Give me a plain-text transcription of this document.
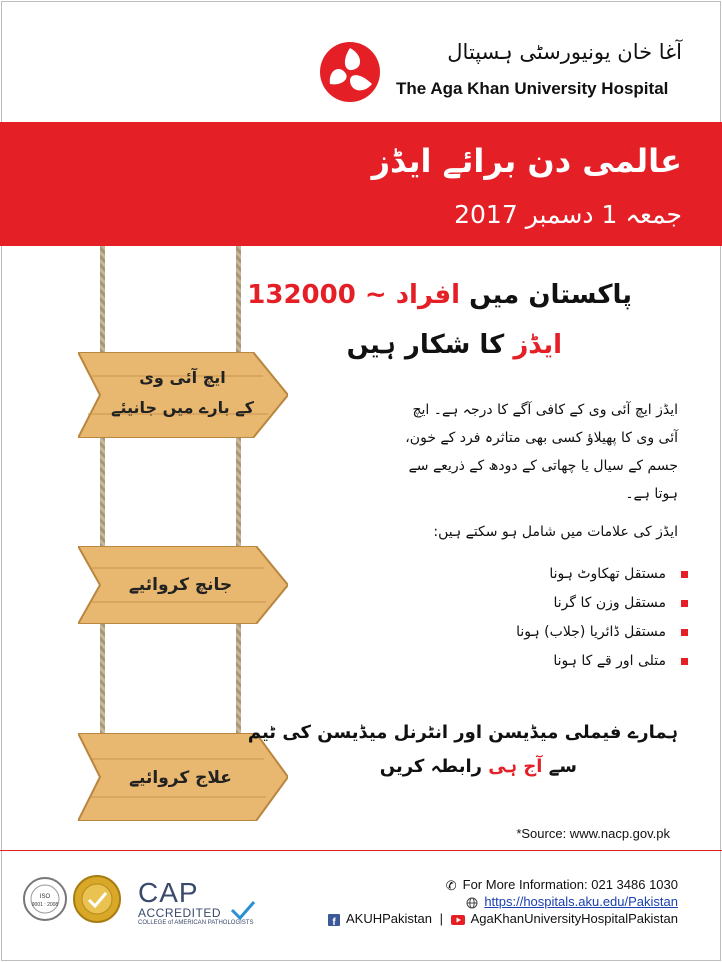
آغا خان یونیورسٹی ہسپتال
The Aga Khan University Hospital
عالمی دن برائے ایڈز
جمعہ 1 دسمبر 2017
ایچ آئی وی
کے بارے میں جانیئے
جانچ کروائیے
علاج کروائیے
پاکستان میں افراد ~ 132000
ایڈز کا شکار ہیں
ایڈز ایچ آئی وی کے کافی آگے کا درجہ ہے۔ ایچ آئی وی کا پھیلاؤ کسی بھی متاثرہ فرد کے خون، جسم کے سیال یا چھاتی کے دودھ کے ذریعے سے ہوتا ہے۔
ایڈز کی علامات میں شامل ہو سکتے ہیں:
مستقل تھکاوٹ ہونا
مستقل وزن کا گرنا
مستقل ڈائریا (جلاب) ہونا
متلی اور قے کا ہونا
ہمارے فیملی میڈیسن اور انٹرنل میڈیسن کی ٹیم
سے آج ہی رابطہ کریں
*Source: www.nacp.gov.pk
ISO
9001 : 2008	CAP
ACCREDITED
COLLEGE of AMERICAN PATHOLOGISTS
✆ For More Information: 021 3486 1030
https://hospitals.aku.edu/Pakistan
f AKUHPakistan | AgaKhanUniversityHospitalPakistan
